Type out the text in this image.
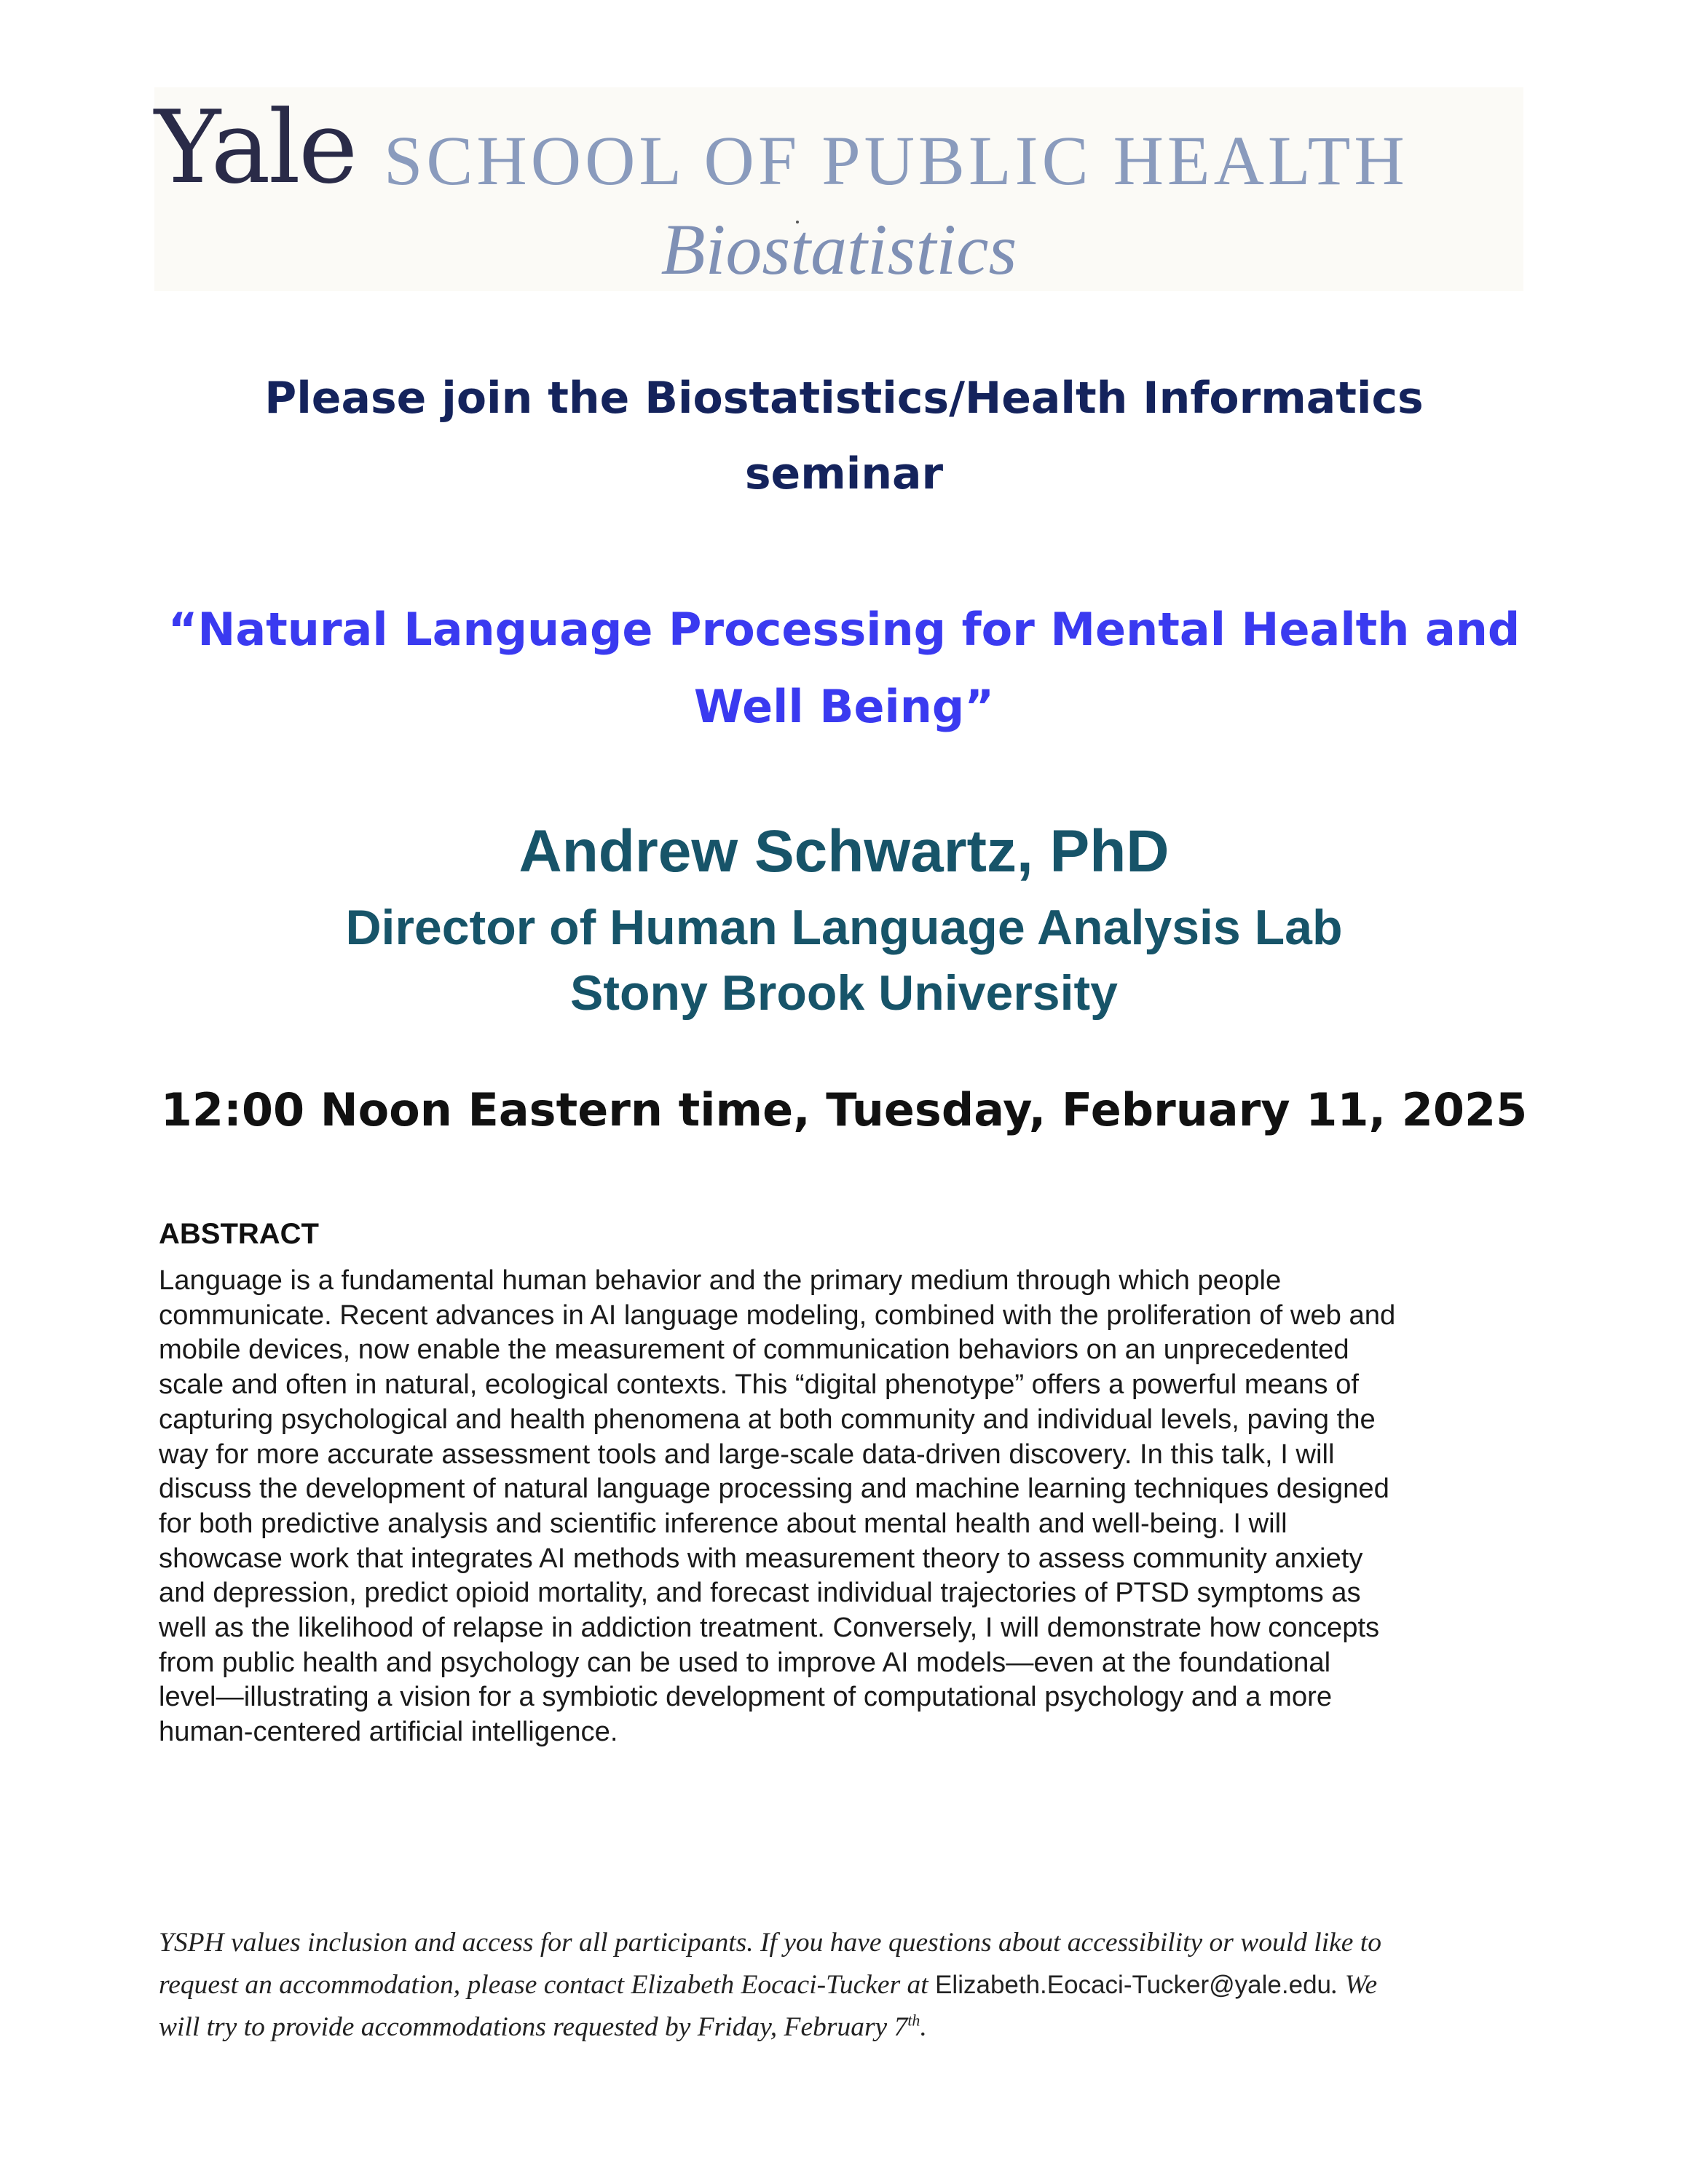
Yale SCHOOL OF PUBLIC HEALTH
Biostatistics
Please join the Biostatistics/Health Informatics
seminar
“Natural Language Processing for Mental Health and
Well Being”
Andrew Schwartz, PhD
Director of Human Language Analysis Lab
Stony Brook University
12:00 Noon Eastern time, Tuesday, February 11, 2025
ABSTRACT
Language is a fundamental human behavior and the primary medium through which people
communicate. Recent advances in AI language modeling, combined with the proliferation of web and
mobile devices, now enable the measurement of communication behaviors on an unprecedented
scale and often in natural, ecological contexts. This “digital phenotype” offers a powerful means of
capturing psychological and health phenomena at both community and individual levels, paving the
way for more accurate assessment tools and large-scale data-driven discovery. In this talk, I will
discuss the development of natural language processing and machine learning techniques designed
for both predictive analysis and scientific inference about mental health and well-being. I will
showcase work that integrates AI methods with measurement theory to assess community anxiety
and depression, predict opioid mortality, and forecast individual trajectories of PTSD symptoms as
well as the likelihood of relapse in addiction treatment. Conversely, I will demonstrate how concepts
from public health and psychology can be used to improve AI models—even at the foundational
level—illustrating a vision for a symbiotic development of computational psychology and a more
human-centered artificial intelligence.
YSPH values inclusion and access for all participants. If you have questions about accessibility or would like to
request an accommodation, please contact Elizabeth Eocaci-Tucker at Elizabeth.Eocaci-Tucker@yale.edu. We
will try to provide accommodations requested by Friday, February 7th.
